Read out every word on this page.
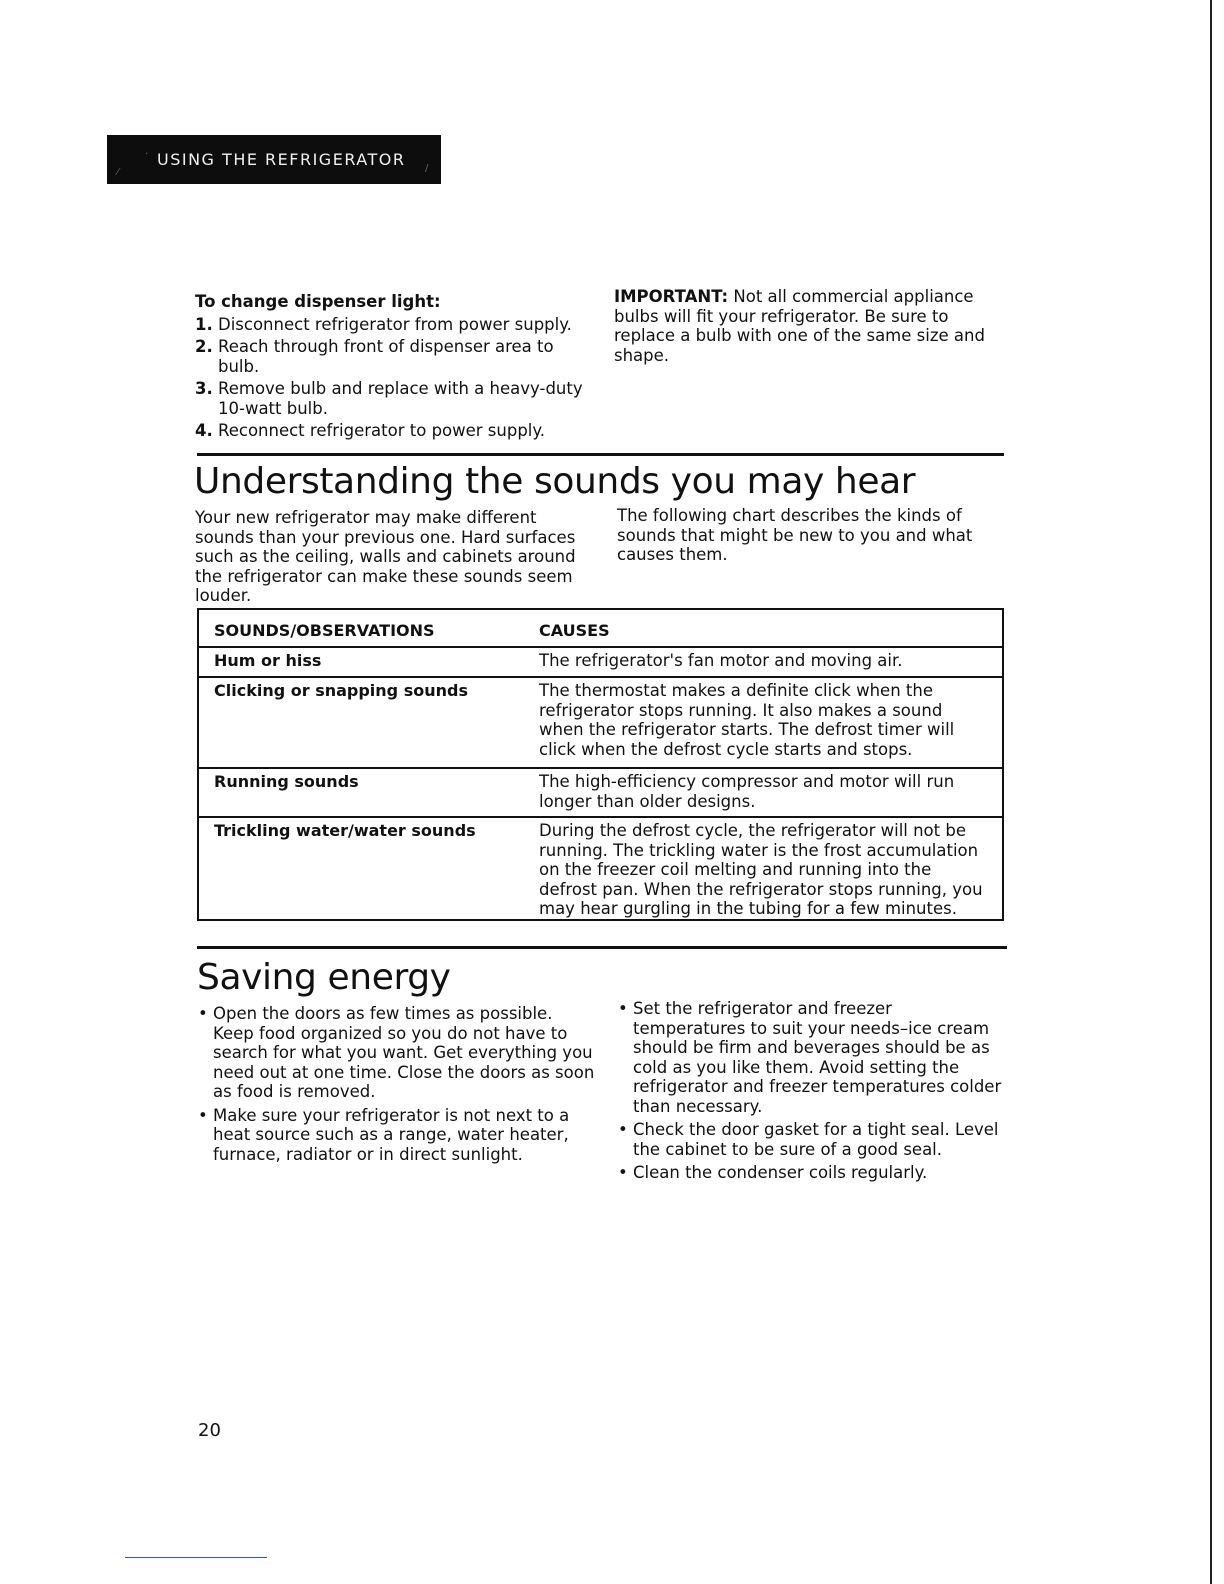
⁄
·
/
USING THE REFRIGERATOR
To change dispenser light:
1. Disconnect refrigerator from power supply.
2. Reach through front of dispenser area to bulb.
3. Remove bulb and replace with a heavy-duty 10-watt bulb.
4. Reconnect refrigerator to power supply.
IMPORTANT: Not all commercial appliance bulbs will fit your refrigerator. Be sure to replace a bulb with one of the same size and shape.
Understanding the sounds you may hear
Your new refrigerator may make different sounds than your previous one. Hard surfaces such as the ceiling, walls and cabinets around the refrigerator can make these sounds seem louder.
The following chart describes the kinds of sounds that might be new to you and what causes them.
SOUNDS/OBSERVATIONS	CAUSES
Hum or hiss	The refrigerator's fan motor and moving air.
Clicking or snapping sounds	The thermostat makes a definite click when the refrigerator stops running. It also makes a sound when the refrigerator starts. The defrost timer will click when the defrost cycle starts and stops.
Running sounds	The high-efficiency compressor and motor will run longer than older designs.
Trickling water/water sounds	During the defrost cycle, the refrigerator will not be running. The trickling water is the frost accumulation on the freezer coil melting and running into the defrost pan. When the refrigerator stops running, you may hear gurgling in the tubing for a few minutes.
Saving energy
• Open the doors as few times as possible. Keep food organized so you do not have to search for what you want. Get everything you need out at one time. Close the doors as soon as food is removed.
• Make sure your refrigerator is not next to a heat source such as a range, water heater, furnace, radiator or in direct sunlight.
• Set the refrigerator and freezer temperatures to suit your needs–ice cream should be firm and beverages should be as cold as you like them. Avoid setting the refrigerator and freezer temperatures colder than necessary.
• Check the door gasket for a tight seal. Level the cabinet to be sure of a good seal.
• Clean the condenser coils regularly.
20
